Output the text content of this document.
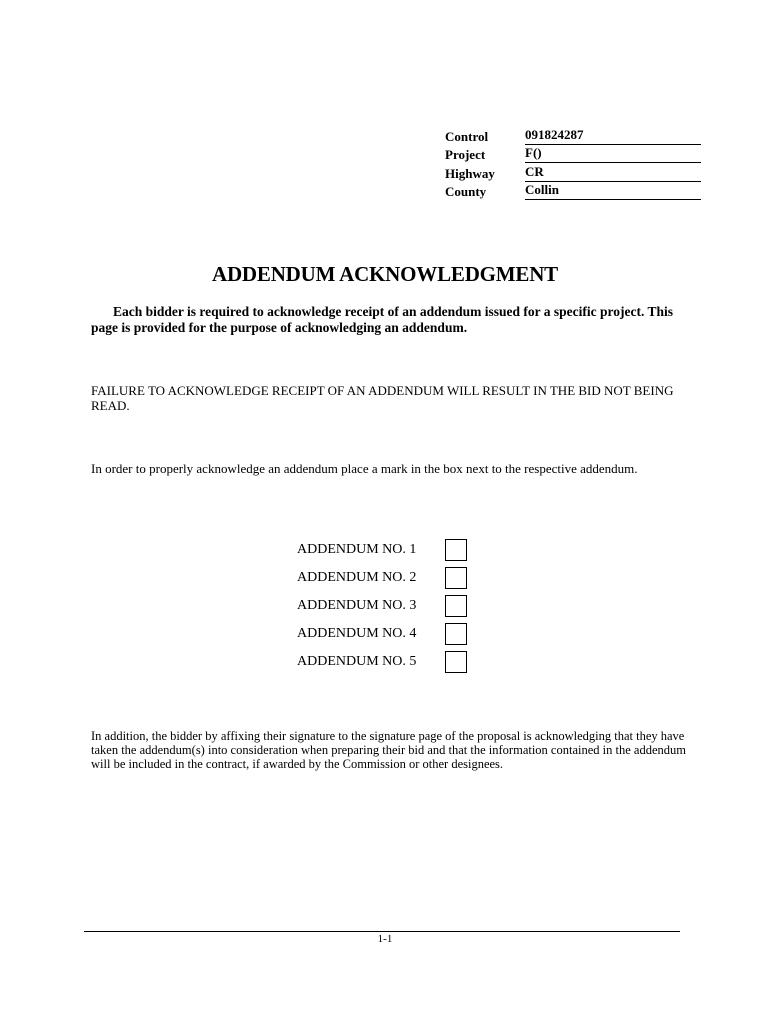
Control	091824287
Project	F()
Highway	CR
County	Collin
ADDENDUM ACKNOWLEDGMENT
Each bidder is required to acknowledge receipt of an addendum issued for a specific project. This page is provided for the purpose of acknowledging an addendum.
FAILURE TO ACKNOWLEDGE RECEIPT OF AN ADDENDUM WILL RESULT IN THE BID NOT BEING READ.
In order to properly acknowledge an addendum place a mark in the box next to the respective addendum.
ADDENDUM NO. 1
ADDENDUM NO. 2
ADDENDUM NO. 3
ADDENDUM NO. 4
ADDENDUM NO. 5
In addition, the bidder by affixing their signature to the signature page of the proposal is acknowledging that they have taken the addendum(s) into consideration when preparing their bid and that the information contained in the addendum will be included in the contract, if awarded by the Commission or other designees.
1-1
